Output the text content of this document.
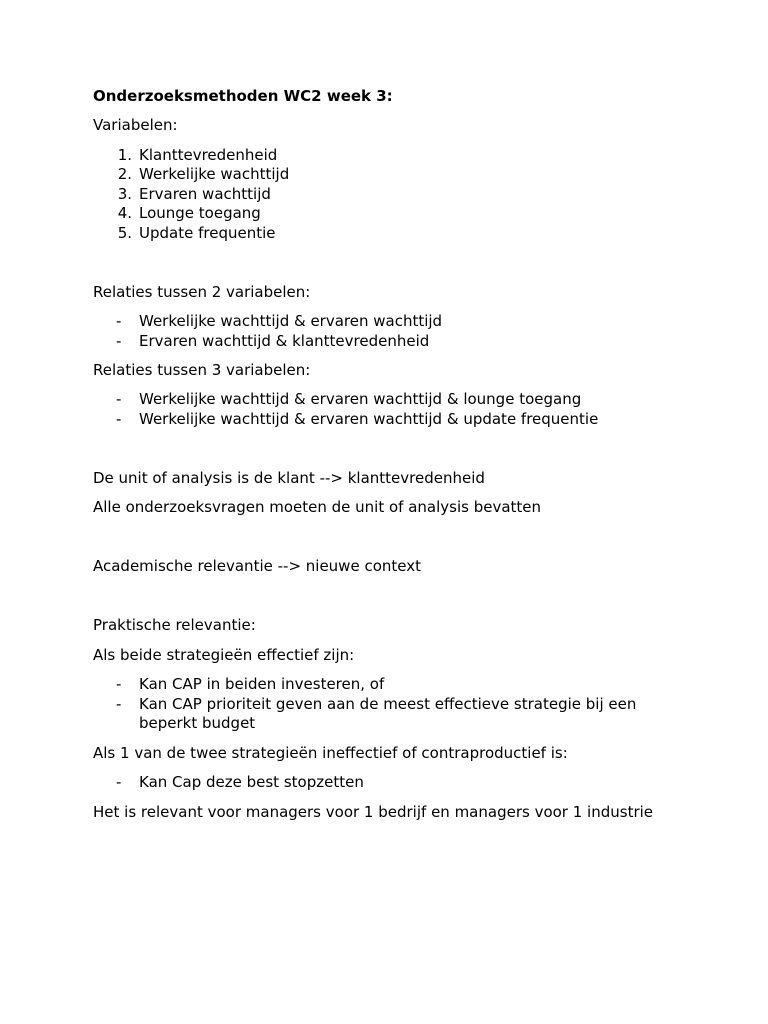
Onderzoeksmethoden WC2 week 3:
Variabelen:
1. Klanttevredenheid
2. Werkelijke wachttijd
3. Ervaren wachttijd
4. Lounge toegang
5. Update frequentie
Relaties tussen 2 variabelen:
- Werkelijke wachttijd & ervaren wachttijd
- Ervaren wachttijd & klanttevredenheid
Relaties tussen 3 variabelen:
- Werkelijke wachttijd & ervaren wachttijd & lounge toegang
- Werkelijke wachttijd & ervaren wachttijd & update frequentie
De unit of analysis is de klant --> klanttevredenheid
Alle onderzoeksvragen moeten de unit of analysis bevatten
Academische relevantie --> nieuwe context
Praktische relevantie:
Als beide strategieën effectief zijn:
- Kan CAP in beiden investeren, of
- Kan CAP prioriteit geven aan de meest effectieve strategie bij een
beperkt budget
Als 1 van de twee strategieën ineffectief of contraproductief is:
- Kan Cap deze best stopzetten
Het is relevant voor managers voor 1 bedrijf en managers voor 1 industrie
